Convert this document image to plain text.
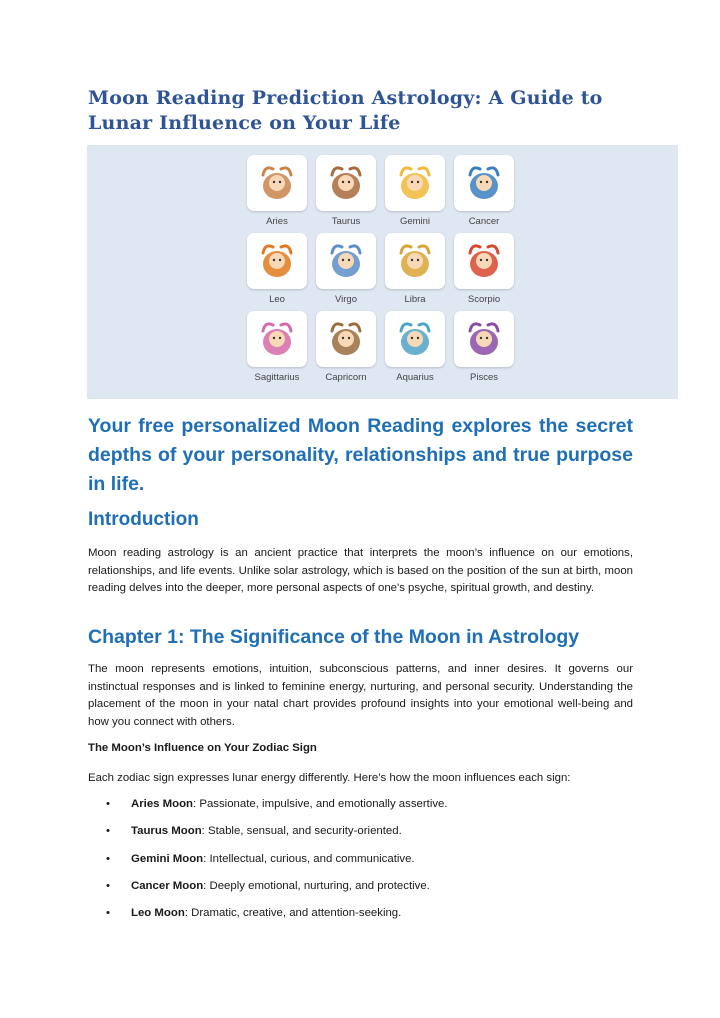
Moon Reading Prediction Astrology: A Guide to Lunar Influence on Your Life
Aries	Taurus	Gemini	Cancer
Leo	Virgo	Libra	Scorpio
Sagittarius	Capricorn	Aquarius	Pisces

Your free personalized Moon Reading explores the secret depths of your personality, relationships and true purpose in life.

Introduction

Moon reading astrology is an ancient practice that interprets the moon’s influence on our emotions, relationships, and life events. Unlike solar astrology, which is based on the position of the sun at birth, moon reading delves into the deeper, more personal aspects of one's psyche, spiritual growth, and destiny.

Chapter 1: The Significance of the Moon in Astrology

The moon represents emotions, intuition, subconscious patterns, and inner desires. It governs our instinctual responses and is linked to feminine energy, nurturing, and personal security. Understanding the placement of the moon in your natal chart provides profound insights into your emotional well-being and how you connect with others.

The Moon’s Influence on Your Zodiac Sign

Each zodiac sign expresses lunar energy differently. Here’s how the moon influences each sign:

• Aries Moon: Passionate, impulsive, and emotionally assertive.
• Taurus Moon: Stable, sensual, and security-oriented.
• Gemini Moon: Intellectual, curious, and communicative.
• Cancer Moon: Deeply emotional, nurturing, and protective.
• Leo Moon: Dramatic, creative, and attention-seeking.
